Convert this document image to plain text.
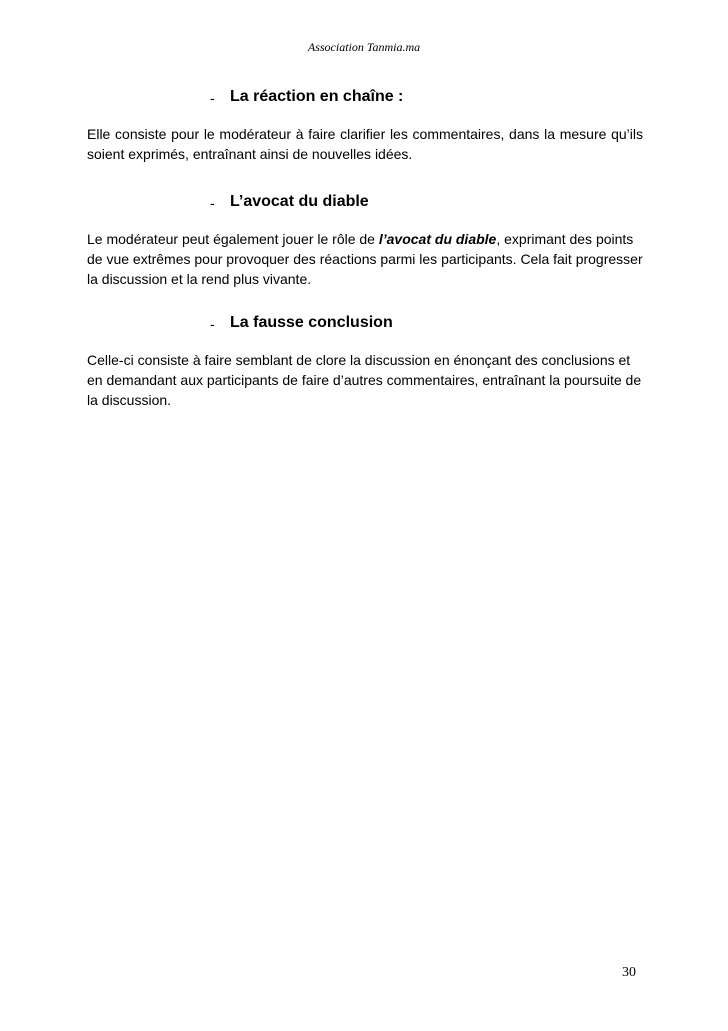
Association Tanmia.ma
- La réaction en chaîne :
Elle consiste pour le modérateur à faire clarifier les commentaires, dans la mesure qu’ils soient exprimés, entraînant ainsi de nouvelles idées.
- L’avocat du diable
Le modérateur peut également jouer le rôle de l’avocat du diable, exprimant des points de vue extrêmes pour provoquer des réactions parmi les participants. Cela fait progresser la discussion et la rend plus vivante.
- La fausse conclusion
Celle-ci consiste à faire semblant de clore la discussion en énonçant des conclusions et en demandant aux participants de faire d’autres commentaires, entraînant la poursuite de la discussion.
30
